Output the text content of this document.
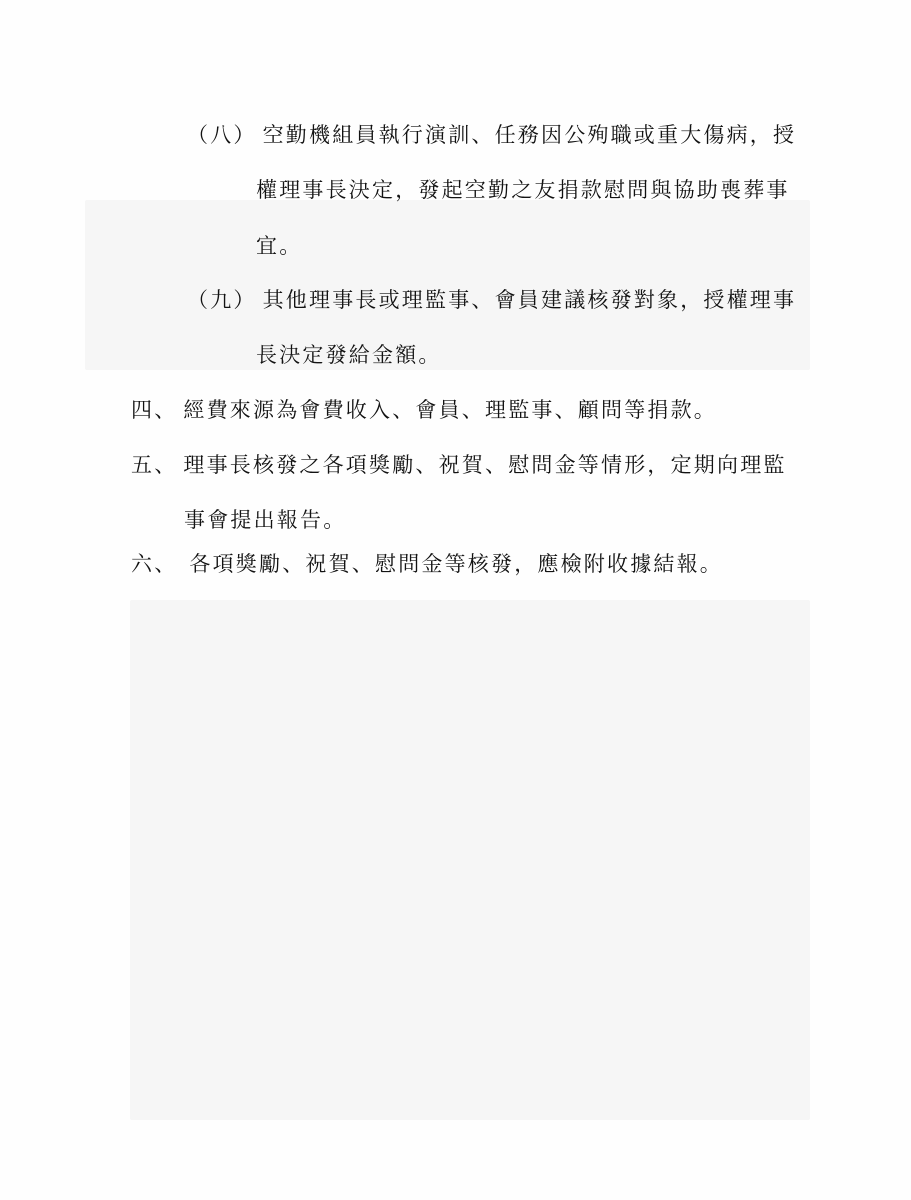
（八） 空勤機組員執行演訓、任務因公殉職或重大傷病，授
權理事長決定，發起空勤之友捐款慰問與協助喪葬事
宜。
（九） 其他理事長或理監事、會員建議核發對象，授權理事
長決定發給金額。
四、 經費來源為會費收入、會員、理監事、顧問等捐款。
五、 理事長核發之各項獎勵、祝賀、慰問金等情形，定期向理監
事會提出報告。
六、 各項獎勵、祝賀、慰問金等核發，應檢附收據結報。
